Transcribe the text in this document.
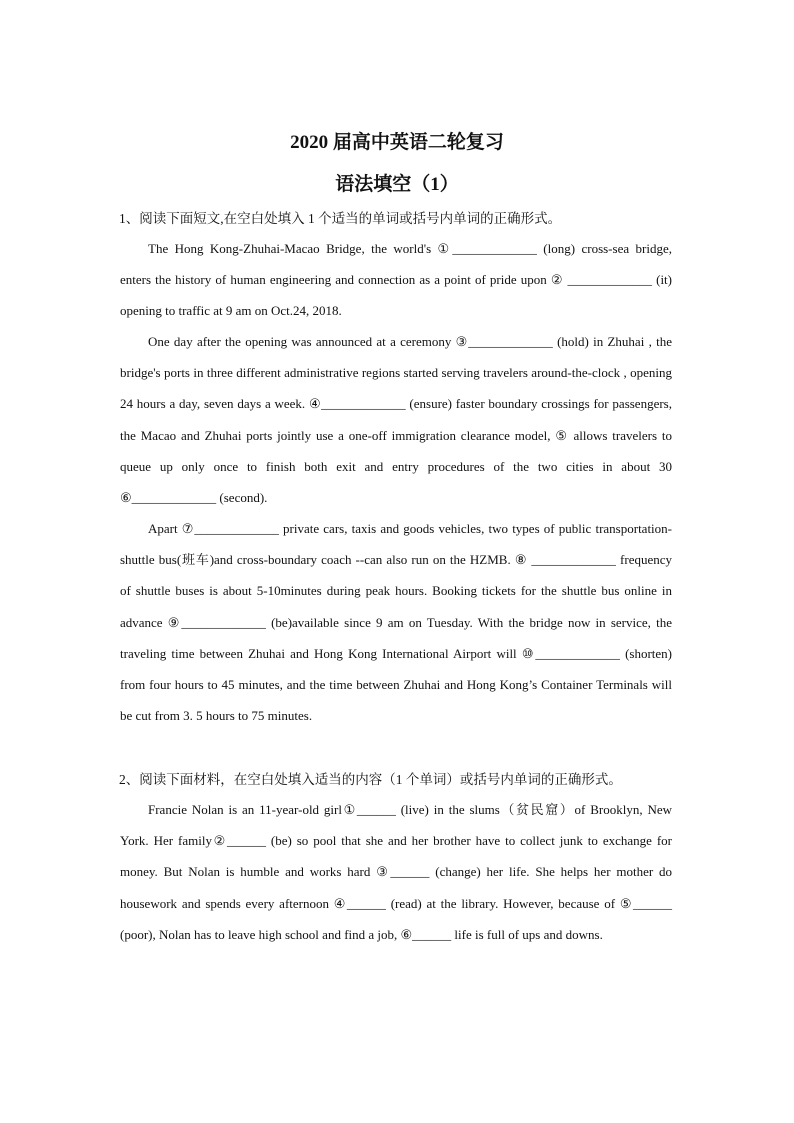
2020 届高中英语二轮复习
语法填空（1）
1、阅读下面短文,在空白处填入 1 个适当的单词或括号内单词的正确形式。

The Hong Kong-Zhuhai-Macao Bridge, the world's ①_____________ (long) cross-sea bridge, enters the history of human engineering and connection as a point of pride upon ② _____________ (it) opening to traffic at 9 am on Oct.24, 2018.

One day after the opening was announced at a ceremony ③_____________ (hold) in Zhuhai , the bridge's ports in three different administrative regions started serving travelers around-the-clock , opening 24 hours a day, seven days a week. ④_____________ (ensure) faster boundary crossings for passengers, the Macao and Zhuhai ports jointly use a one-off immigration clearance model, ⑤ allows travelers to queue up only once to finish both exit and entry procedures of the two cities in about 30 ⑥_____________ (second).

Apart ⑦_____________ private cars, taxis and goods vehicles, two types of public transportation-shuttle bus(班车)and cross-boundary coach --can also run on the HZMB. ⑧ _____________ frequency of shuttle buses is about 5-10minutes during peak hours. Booking tickets for the shuttle bus online in advance ⑨_____________ (be)available since 9 am on Tuesday. With the bridge now in service, the traveling time between Zhuhai and Hong Kong International Airport will ⑩_____________ (shorten) from four hours to 45 minutes, and the time between Zhuhai and Hong Kong’s Container Terminals will be cut from 3. 5 hours to 75 minutes.

2、阅读下面材料，在空白处填入适当的内容（1 个单词）或括号内单词的正确形式。

Francie Nolan is an 11-year-old girl①______ (live) in the slums（贫民窟）of Brooklyn, New York. Her family②______ (be) so pool that she and her brother have to collect junk to exchange for money. But Nolan is humble and works hard ③______ (change) her life. She helps her mother do housework and spends every afternoon ④______ (read) at the library. However, because of ⑤______ (poor), Nolan has to leave high school and find a job, ⑥______ life is full of ups and downs.
